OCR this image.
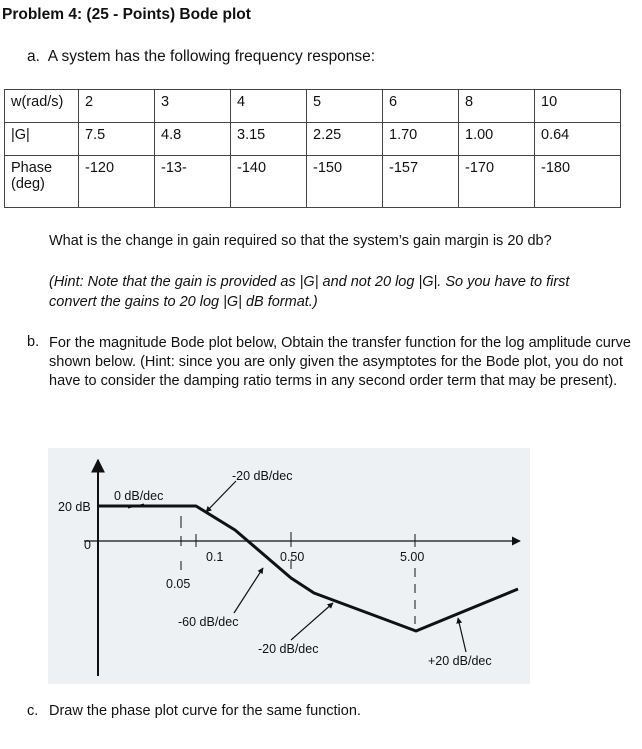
Problem 4: (25 - Points) Bode plot
a. A system has the following frequency response:
w(rad/s)	2	3	4	5	6	8	10
|G|	7.5	4.8	3.15	2.25	1.70	1.00	0.64
Phase (deg)	-120	-13-	-140	-150	-157	-170	-180
What is the change in gain required so that the system’s gain margin is 20 db?
(Hint: Note that the gain is provided as |G| and not 20 log |G|. So you have to first convert the gains to 20 log |G| dB format.)
b. For the magnitude Bode plot below, Obtain the transfer function for the log amplitude curve shown below. (Hint: since you are only given the asymptotes for the Bode plot, you do not have to consider the damping ratio terms in any second order term that may be present).
20 dB
0
0.05
0.1	0.50	5.00
0 dB/dec
-20 dB/dec
-60 dB/dec
-20 dB/dec
+20 dB/dec
c. Draw the phase plot curve for the same function.
